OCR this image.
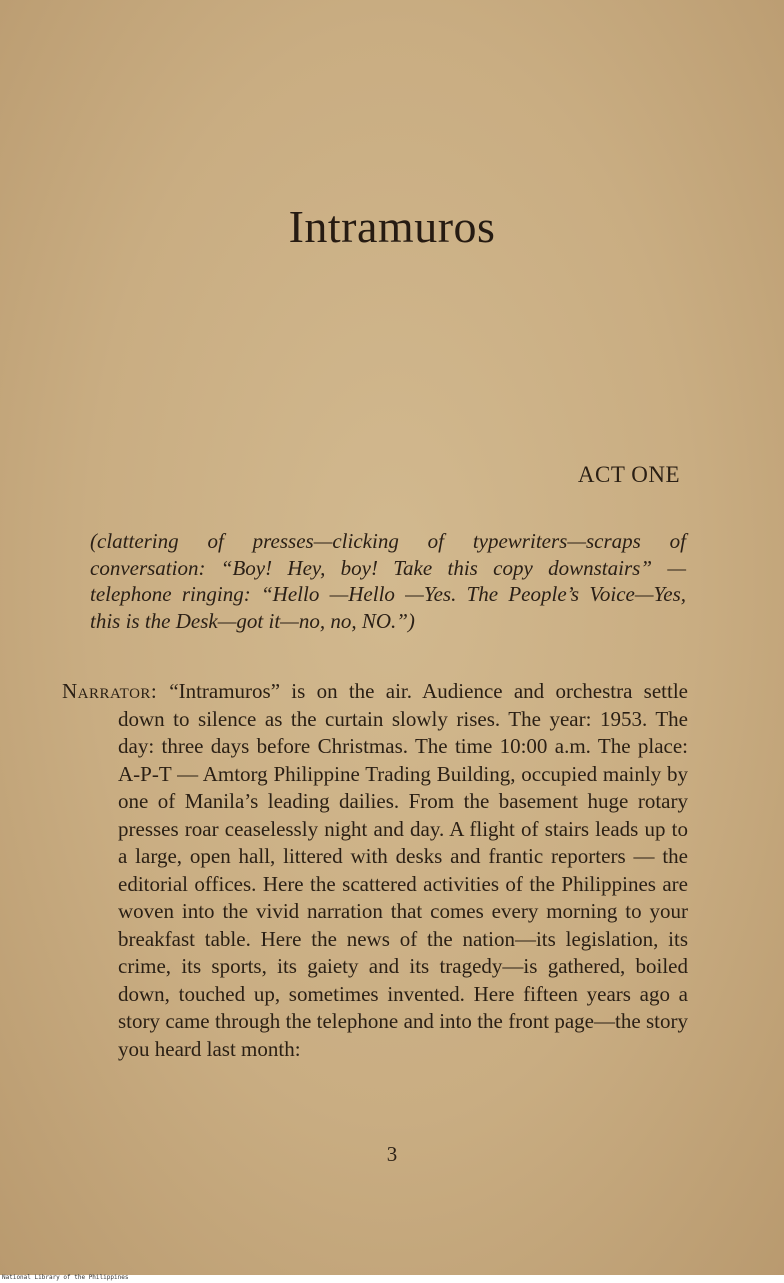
Intramuros
ACT ONE

(clattering of presses—clicking of typewriters—scraps of conversation: “Boy! Hey, boy! Take this copy downstairs” —telephone ringing: “Hello —Hello —Yes. The People’s Voice—Yes, this is the Desk—got it—no, no, NO.”)

Narrator: “Intramuros” is on the air. Audience and orchestra settle down to silence as the curtain slowly rises. The year: 1953. The day: three days before Christmas. The time 10:00 a.m. The place: A-P-T — Amtorg Philippine Trading Building, occupied mainly by one of Manila’s leading dailies. From the basement huge rotary presses roar ceaselessly night and day. A flight of stairs leads up to a large, open hall, littered with desks and frantic reporters — the editorial offices. Here the scattered activities of the Philippines are woven into the vivid narration that comes every morning to your breakfast table. Here the news of the nation—its legislation, its crime, its sports, its gaiety and its tragedy—is gathered, boiled down, touched up, sometimes invented. Here fifteen years ago a story came through the telephone and into the front page—the story you heard last month:

3
National Library of the Philippines
